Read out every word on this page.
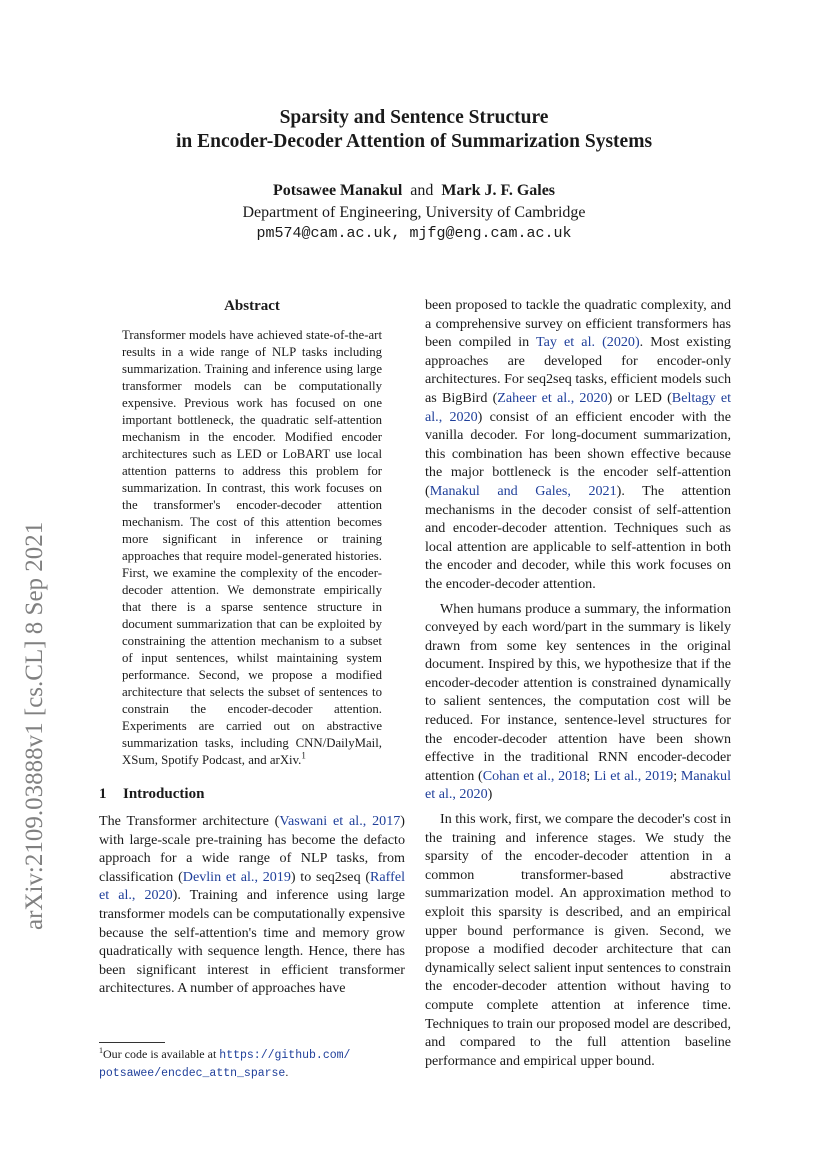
Sparsity and Sentence Structure
in Encoder-Decoder Attention of Summarization Systems
Potsawee Manakul and Mark J. F. Gales
Department of Engineering, University of Cambridge
pm574@cam.ac.uk, mjfg@eng.cam.ac.uk
arXiv:2109.03888v1 [cs.CL] 8 Sep 2021
Abstract
Transformer models have achieved state-of-the-art results in a wide range of NLP tasks including summarization. Training and inference using large transformer models can be computationally expensive. Previous work has focused on one important bottleneck, the quadratic self-attention mechanism in the encoder. Modified encoder architectures such as LED or LoBART use local attention patterns to address this problem for summarization. In contrast, this work focuses on the transformer's encoder-decoder attention mechanism. The cost of this attention becomes more significant in inference or training approaches that require model-generated histories. First, we examine the complexity of the encoder-decoder attention. We demonstrate empirically that there is a sparse sentence structure in document summarization that can be exploited by constraining the attention mechanism to a subset of input sentences, whilst maintaining system performance. Second, we propose a modified architecture that selects the subset of sentences to constrain the encoder-decoder attention. Experiments are carried out on abstractive summarization tasks, including CNN/DailyMail, XSum, Spotify Podcast, and arXiv.$^1$
1 Introduction

The Transformer architecture (Vaswani et al., 2017) with large-scale pre-training has become the defacto approach for a wide range of NLP tasks, from classification (Devlin et al., 2019) to seq2seq (Raffel et al., 2020). Training and inference using large transformer models can be computationally expensive because the self-attention's time and memory grow quadratically with sequence length. Hence, there has been significant interest in efficient transformer architectures. A number of approaches have

been proposed to tackle the quadratic complexity, and a comprehensive survey on efficient transformers has been compiled in Tay et al. (2020). Most existing approaches are developed for encoder-only architectures. For seq2seq tasks, efficient models such as BigBird (Zaheer et al., 2020) or LED (Beltagy et al., 2020) consist of an efficient encoder with the vanilla decoder. For long-document summarization, this combination has been shown effective because the major bottleneck is the encoder self-attention (Manakul and Gales, 2021). The attention mechanisms in the decoder consist of self-attention and encoder-decoder attention. Techniques such as local attention are applicable to self-attention in both the encoder and decoder, while this work focuses on the encoder-decoder attention.

When humans produce a summary, the information conveyed by each word/part in the summary is likely drawn from some key sentences in the original document. Inspired by this, we hypothesize that if the encoder-decoder attention is constrained dynamically to salient sentences, the computation cost will be reduced. For instance, sentence-level structures for the encoder-decoder attention have been shown effective in the traditional RNN encoder-decoder attention (Cohan et al., 2018; Li et al., 2019; Manakul et al., 2020)

In this work, first, we compare the decoder's cost in the training and inference stages. We study the sparsity of the encoder-decoder attention in a common transformer-based abstractive summarization model. An approximation method to exploit this sparsity is described, and an empirical upper bound performance is given. Second, we propose a modified decoder architecture that can dynamically select salient input sentences to constrain the encoder-decoder attention without having to compute complete attention at inference time. Techniques to train our proposed model are described, and compared to the full attention baseline performance and empirical upper bound.

$^1$Our code is available at https://github.com/
potsawee/encdec_attn_sparse.
